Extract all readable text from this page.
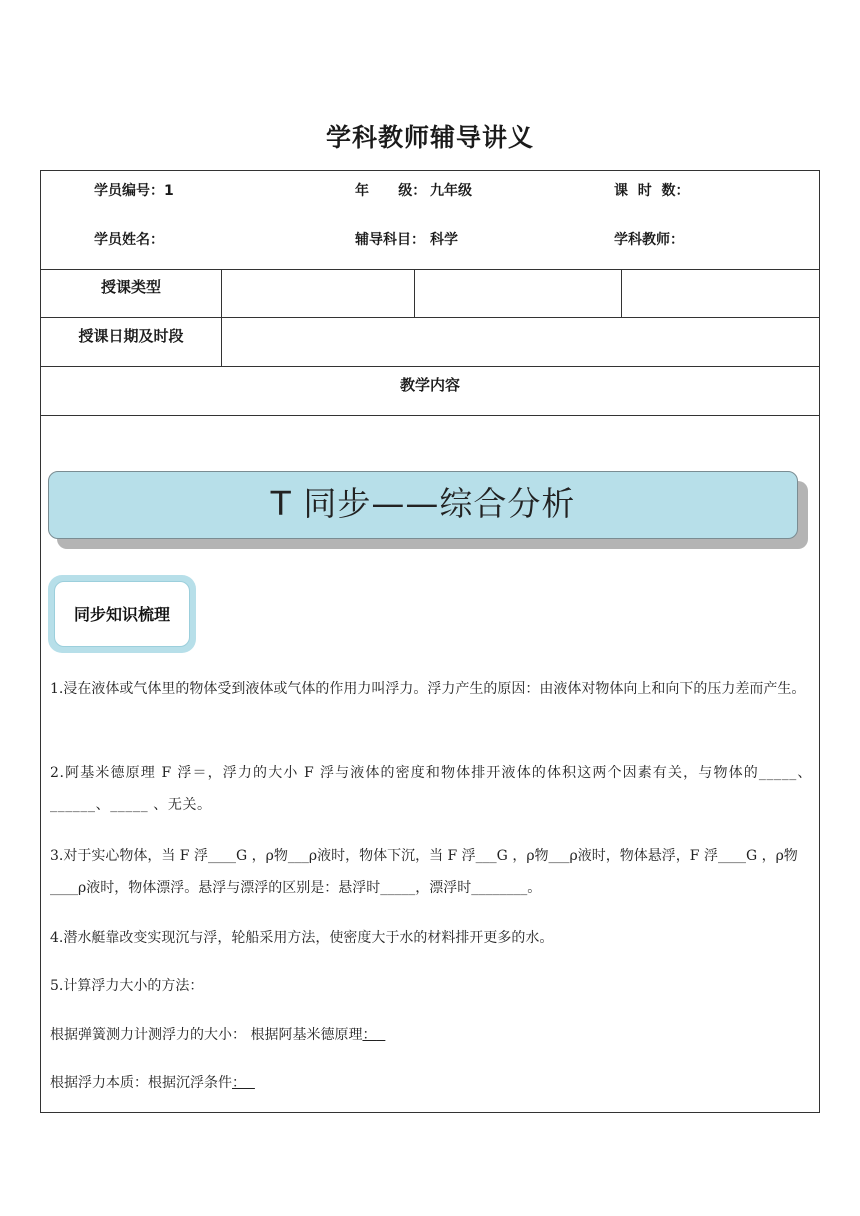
学科教师辅导讲义
学员编号：1	年      级： 九年级	课  时  数：
学员姓名：	辅导科目： 科学	学科教师：
授课类型
授课日期及时段
教学内容
T 同步——综合分析
同步知识梳理
1.浸在液体或气体里的物体受到液体或气体的作用力叫浮力。浮力产生的原因：由液体对物体向上和向下的压力差而产生。
2.阿基米德原理 F 浮＝，浮力的大小 F 浮与液体的密度和物体排开液体的体积这两个因素有关，与物体的_____、______、_____ 、无关。
3.对于实心物体，当 F 浮____G ，ρ物___ρ液时，物体下沉，当 F 浮___G ，ρ物___ρ液时，物体悬浮，F 浮____G ，ρ物____ρ液时，物体漂浮。悬浮与漂浮的区别是：悬浮时_____，漂浮时________。
4.潜水艇靠改变实现沉与浮，轮船采用方法，使密度大于水的材料排开更多的水。
5.计算浮力大小的方法：
根据弹簧测力计测浮力的大小： 根据阿基米德原理：
根据浮力本质：根据沉浮条件：
